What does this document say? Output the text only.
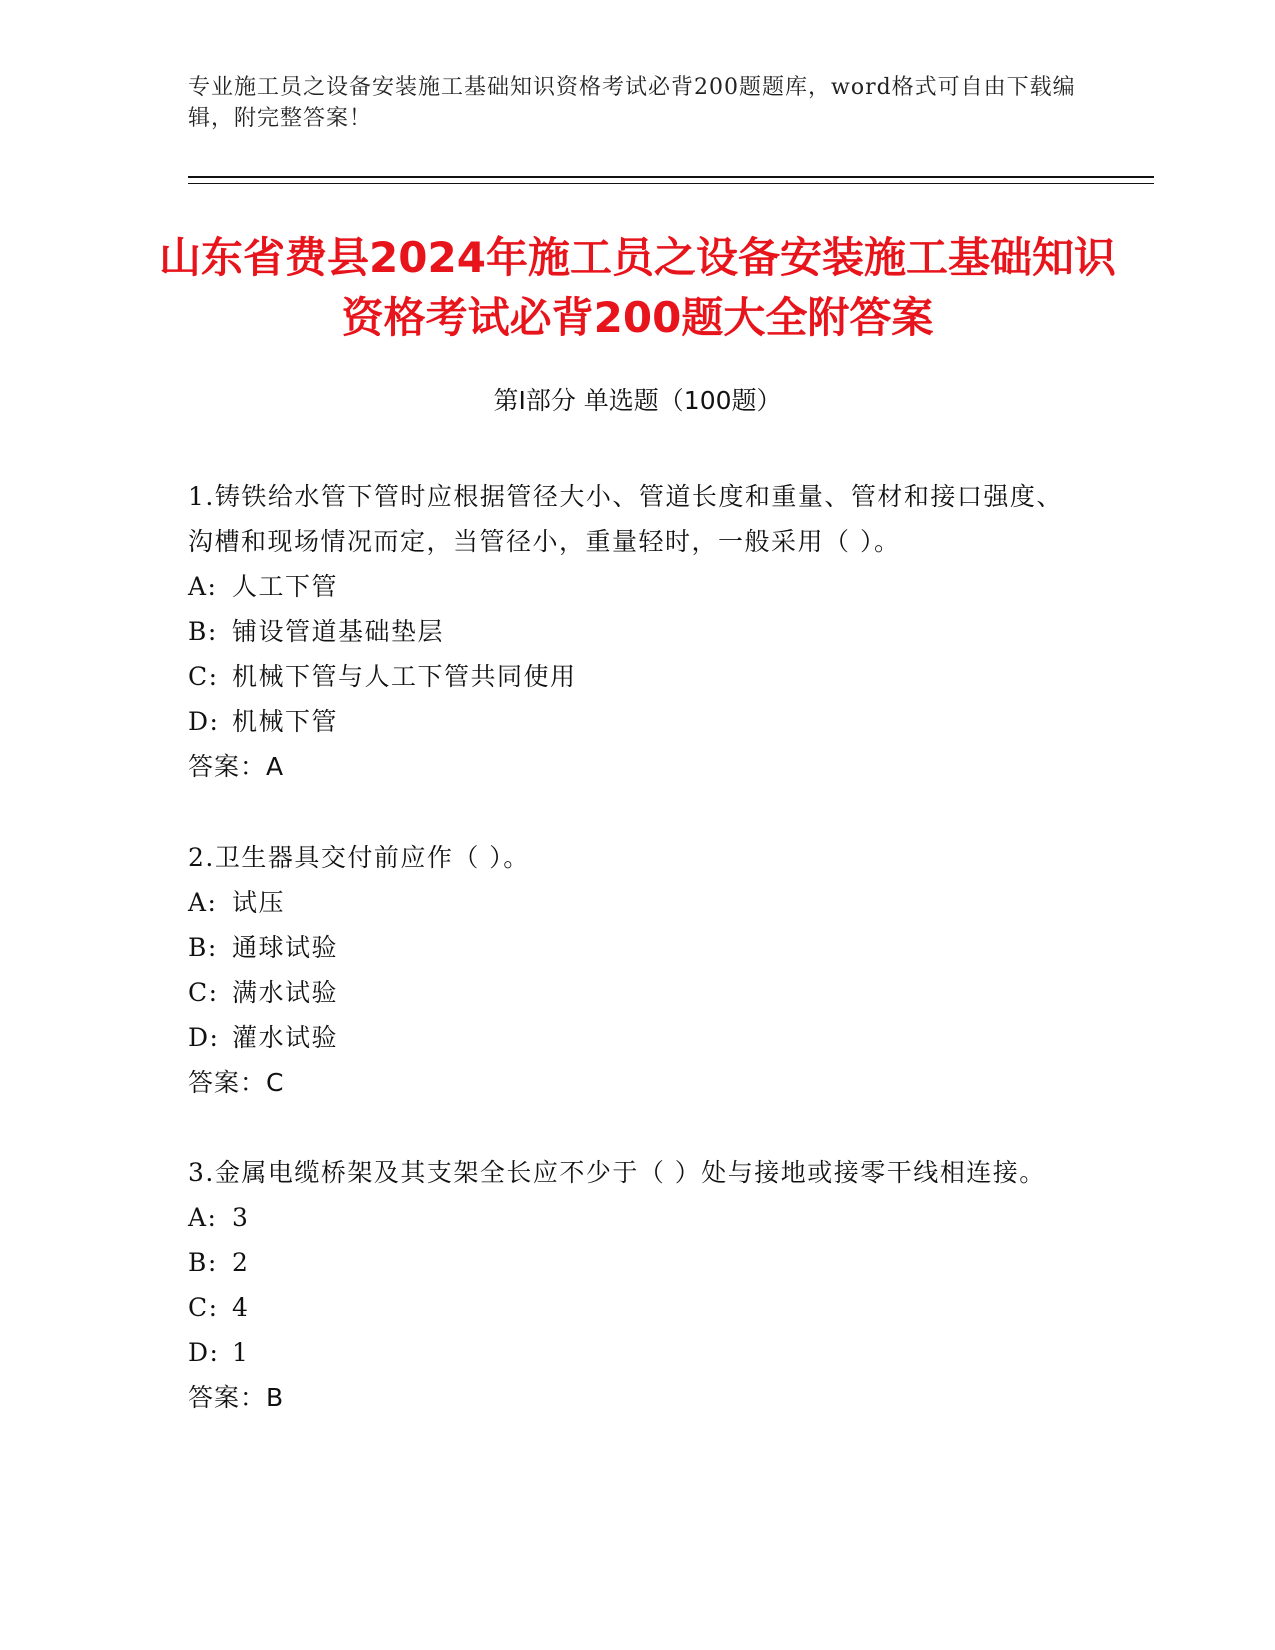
专业施工员之设备安装施工基础知识资格考试必背200题题库，word格式可自由下载编辑，附完整答案！
山东省费县2024年施工员之设备安装施工基础知识资格考试必背200题大全附答案
第Ⅰ部分 单选题（100题）

1.铸铁给水管下管时应根据管径大小、管道长度和重量、管材和接口强度、沟槽和现场情况而定，当管径小，重量轻时，一般采用（ ）。

A: 人工下管

B: 铺设管道基础垫层

C: 机械下管与人工下管共同使用

D: 机械下管

答案：A

2.卫生器具交付前应作（ ）。

A: 试压

B: 通球试验

C: 满水试验

D: 灌水试验

答案：C

3.金属电缆桥架及其支架全长应不少于（ ）处与接地或接零干线相连接。

A: 3

B: 2

C: 4

D: 1

答案：B
